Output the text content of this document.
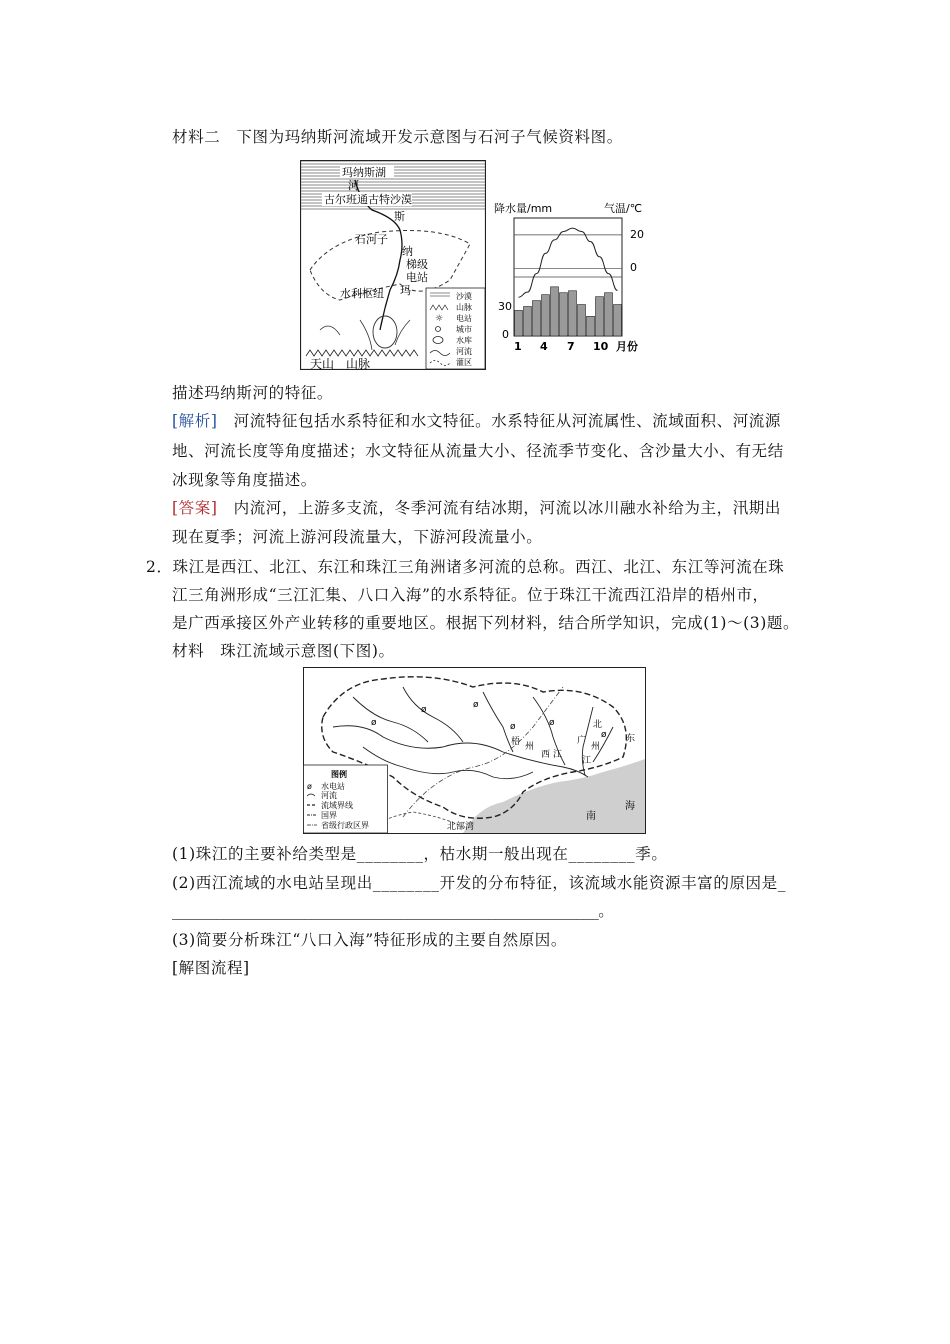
材料二　下图为玛纳斯河流域开发示意图与石河子气候资料图。
玛纳斯湖
河
古尔班通古特沙漠
斯
石河子
纳
梯级
电站
玛
水利枢纽
天山　山脉
沙漠
山脉
☼ 电站
城市
水库
河流
灌区
降水量/mm	气温/℃
20
0
30
0
1 4 7 10 月份
描述玛纳斯河的特征。
[解析]　 河流特征包括水系特征和水文特征。水系特征从河流属性、流域面积、河流源
地、河流长度等角度描述；水文特征从流量大小、径流季节变化、含沙量大小、有无结
冰现象等角度描述。
[答案]　 内流河，上游多支流，冬季河流有结冰期，河流以冰川融水补给为主，汛期出
现在夏季；河流上游河段流量大，下游河段流量小。
2．珠江是西江、北江、东江和珠江三角洲诸多河流的总称。西江、北江、东江等河流在珠
江三角洲形成“三江汇集、八口入海”的水系特征。位于珠江干流西江沿岸的梧州市，
是广西承接区外产业转移的重要地区。根据下列材料，结合所学知识，完成(1)～(3)题。
材料　珠江流域示意图(下图)。
ø
ø	ø
ø	ø
ø
梧 州
西 江
广
州
江
北
东
北部湾
南
海
图例
ø 水电站
河流
流域界线
国界
省级行政区界
(1)珠江的主要补给类型是________，枯水期一般出现在________季。
(2)西江流域的水电站呈现出________开发的分布特征，该流域水能资源丰富的原因是_
__________________________________________________________。
(3)简要分析珠江“八口入海”特征形成的主要自然原因。
[解图流程]
